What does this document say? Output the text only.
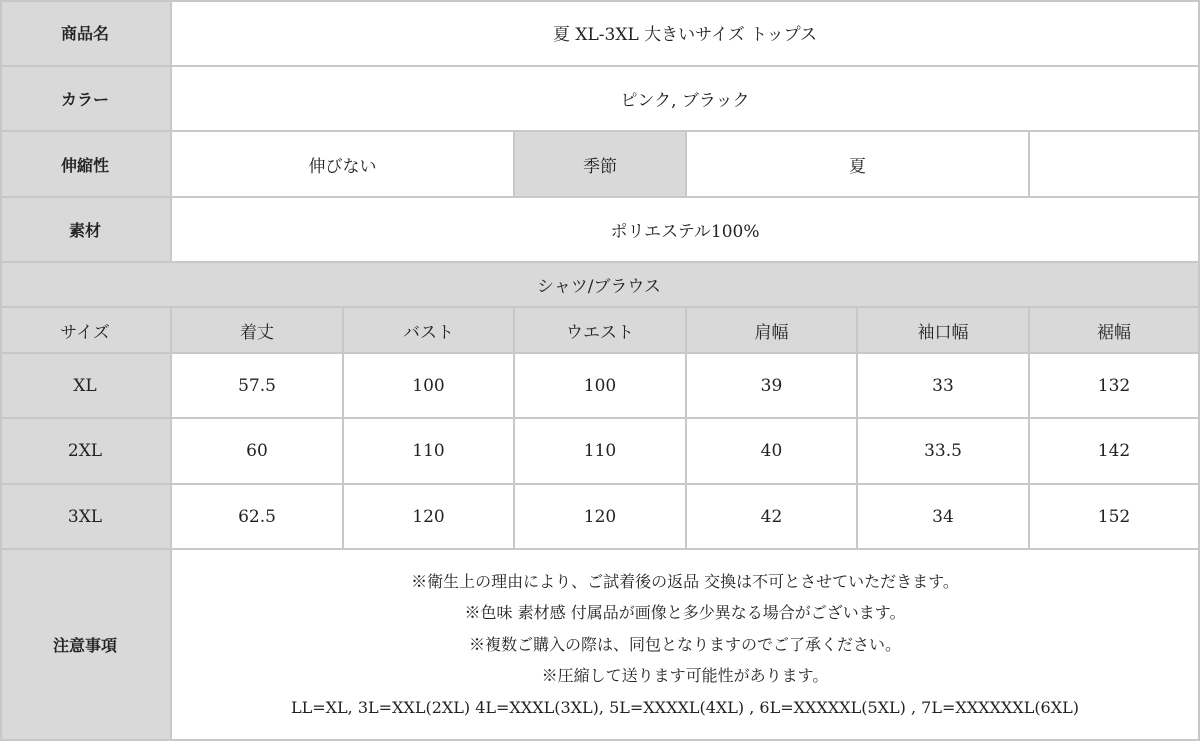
商品名	夏 XL-3XL 大きいサイズ トップス
カラー	ピンク, ブラック
伸縮性	伸びない	季節	夏
素材	ポリエステル100%
シャツ/ブラウス
サイズ	着丈	バスト	ウエスト	肩幅	袖口幅	裾幅
XL	57.5	100	100	39	33	132
2XL	60	110	110	40	33.5	142
3XL	62.5	120	120	42	34	152
注意事項
※衛生上の理由により、ご試着後の返品 交換は不可とさせていただきます。
※色味 素材感 付属品が画像と多少異なる場合がございます。
※複数ご購入の際は、同包となりますのでご了承ください。
※圧縮して送ります可能性があります。
LL=XL, 3L=XXL(2XL) 4L=XXXL(3XL), 5L=XXXXL(4XL) , 6L=XXXXXL(5XL) , 7L=XXXXXXL(6XL)
